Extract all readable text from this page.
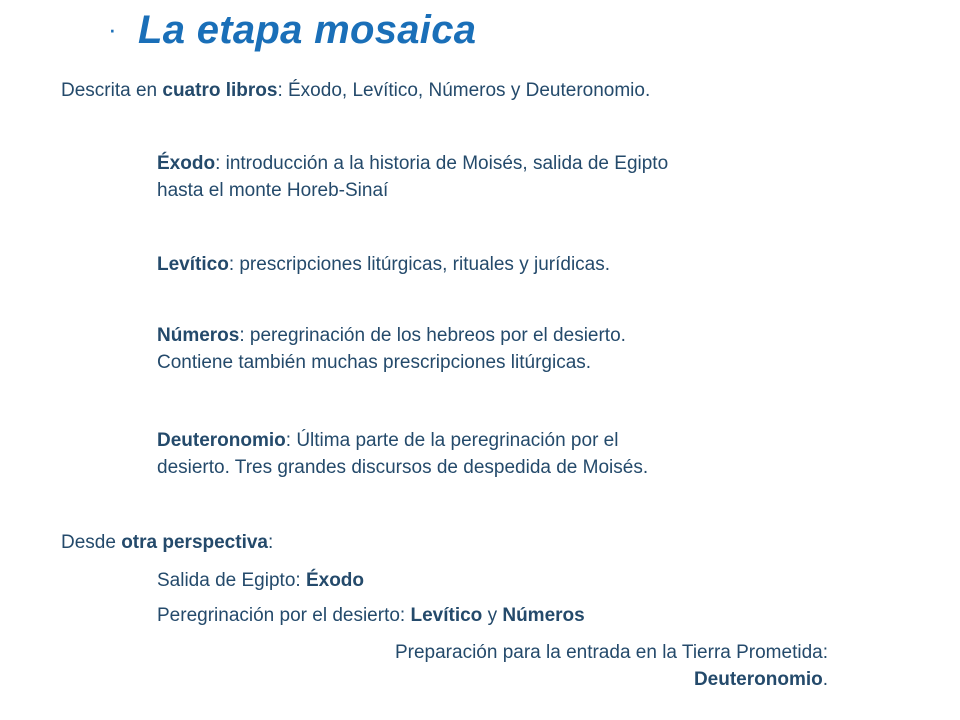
· La etapa mosaica
Descrita en cuatro libros: Éxodo, Levítico, Números y Deuteronomio.
Éxodo: introducción a la historia de Moisés, salida de Egipto
hasta el monte Horeb-Sinaí
Levítico: prescripciones litúrgicas, rituales y jurídicas.
Números: peregrinación de los hebreos por el desierto.
Contiene también muchas prescripciones litúrgicas.
Deuteronomio: Última parte de la peregrinación por el
desierto. Tres grandes discursos de despedida de Moisés.
Desde otra perspectiva:
Salida de Egipto: Éxodo
Peregrinación por el desierto: Levítico y Números
Preparación para la entrada en la Tierra Prometida:
Deuteronomio.
